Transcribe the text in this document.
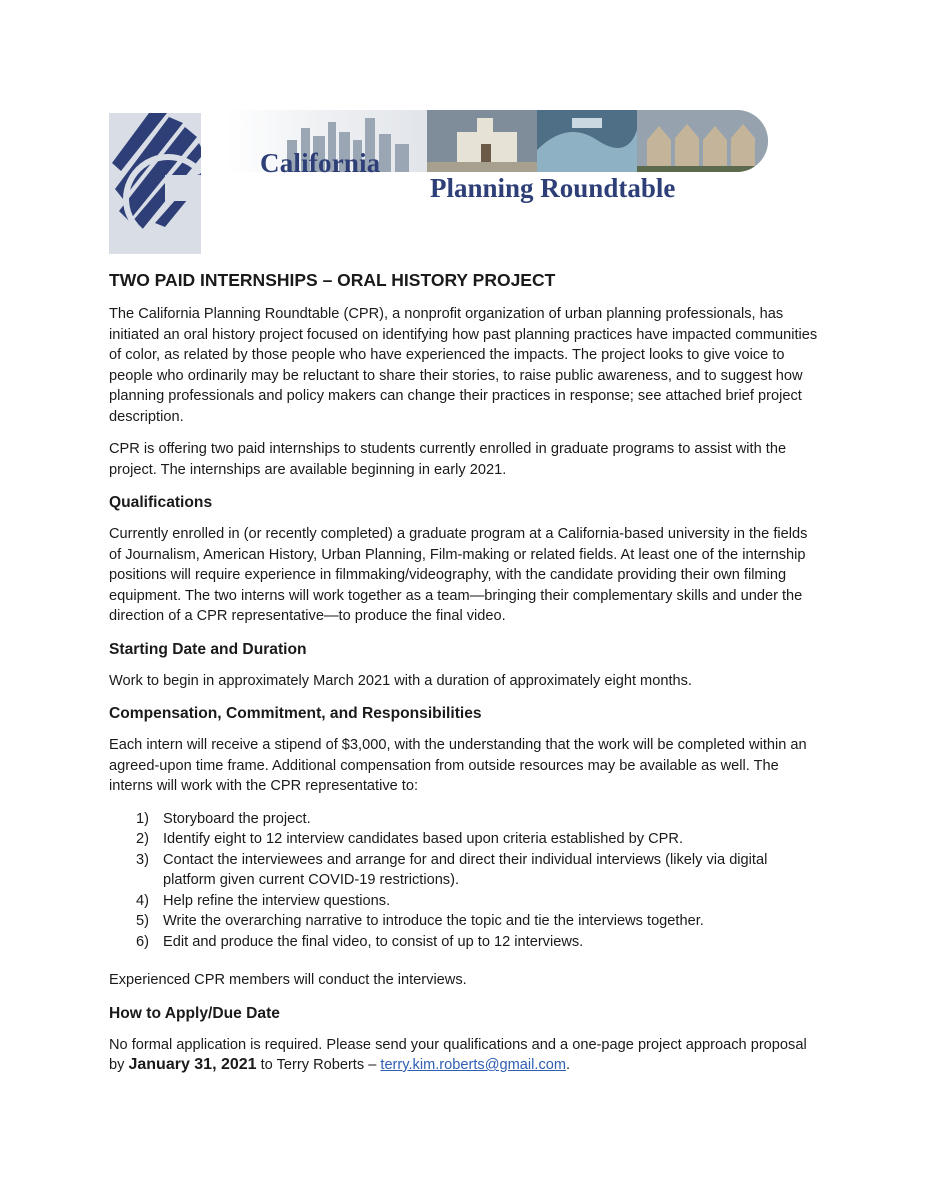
California
Planning Roundtable
TWO PAID INTERNSHIPS – ORAL HISTORY PROJECT

The California Planning Roundtable (CPR), a nonprofit organization of urban planning professionals, has initiated an oral history project focused on identifying how past planning practices have impacted communities of color, as related by those people who have experienced the impacts. The project looks to give voice to people who ordinarily may be reluctant to share their stories, to raise public awareness, and to suggest how planning professionals and policy makers can change their practices in response; see attached brief project description.

CPR is offering two paid internships to students currently enrolled in graduate programs to assist with the project. The internships are available beginning in early 2021.

Qualifications

Currently enrolled in (or recently completed) a graduate program at a California-based university in the fields of Journalism, American History, Urban Planning, Film-making or related fields. At least one of the internship positions will require experience in filmmaking/videography, with the candidate providing their own filming equipment. The two interns will work together as a team—bringing their complementary skills and under the direction of a CPR representative—to produce the final video.

Starting Date and Duration

Work to begin in approximately March 2021 with a duration of approximately eight months.

Compensation, Commitment, and Responsibilities

Each intern will receive a stipend of $3,000, with the understanding that the work will be completed within an agreed-upon time frame. Additional compensation from outside resources may be available as well. The interns will work with the CPR representative to:

1) Storyboard the project.
2) Identify eight to 12 interview candidates based upon criteria established by CPR.
3) Contact the interviewees and arrange for and direct their individual interviews (likely via digital platform given current COVID-19 restrictions).
4) Help refine the interview questions.
5) Write the overarching narrative to introduce the topic and tie the interviews together.
6) Edit and produce the final video, to consist of up to 12 interviews.

Experienced CPR members will conduct the interviews.

How to Apply/Due Date

No formal application is required. Please send your qualifications and a one-page project approach proposal by January 31, 2021 to Terry Roberts – terry.kim.roberts@gmail.com.
